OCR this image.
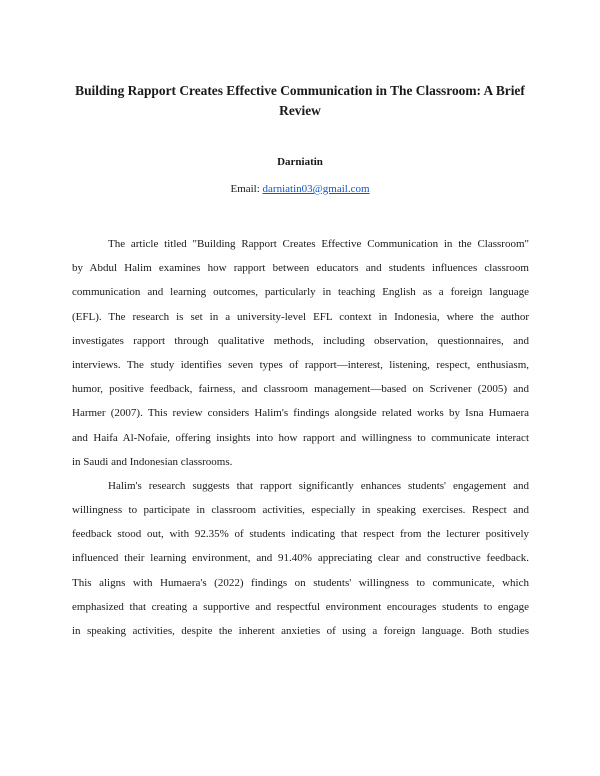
Building Rapport Creates Effective Communication in The Classroom: A Brief Review
Darniatin
Email: darniatin03@gmail.com
The article titled "Building Rapport Creates Effective Communication in the Classroom"
by Abdul Halim examines how rapport between educators and students influences classroom
communication and learning outcomes, particularly in teaching English as a foreign language
(EFL). The research is set in a university-level EFL context in Indonesia, where the author
investigates rapport through qualitative methods, including observation, questionnaires, and
interviews. The study identifies seven types of rapport—interest, listening, respect, enthusiasm,
humor, positive feedback, fairness, and classroom management—based on Scrivener (2005) and
Harmer (2007). This review considers Halim's findings alongside related works by Isna Humaera
and Haifa Al-Nofaie, offering insights into how rapport and willingness to communicate interact
in Saudi and Indonesian classrooms.
Halim's research suggests that rapport significantly enhances students' engagement and
willingness to participate in classroom activities, especially in speaking exercises. Respect and
feedback stood out, with 92.35% of students indicating that respect from the lecturer positively
influenced their learning environment, and 91.40% appreciating clear and constructive feedback.
This aligns with Humaera's (2022) findings on students' willingness to communicate, which
emphasized that creating a supportive and respectful environment encourages students to engage
in speaking activities, despite the inherent anxieties of using a foreign language. Both studies
